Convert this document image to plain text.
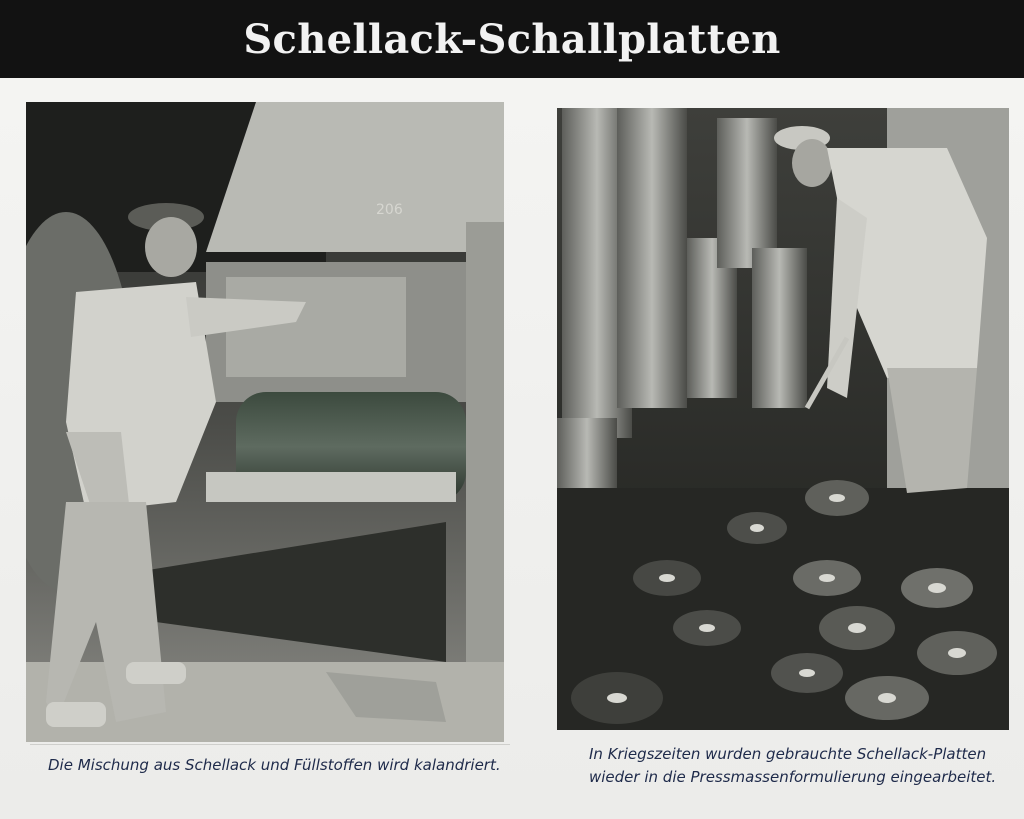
Schellack-Schallplatten
206
Die Mischung aus Schellack und Füllstoffen wird kalandriert.
In Kriegszeiten wurden gebrauchte Schellack-Platten
wieder in die Pressmassenformulierung eingearbeitet.
